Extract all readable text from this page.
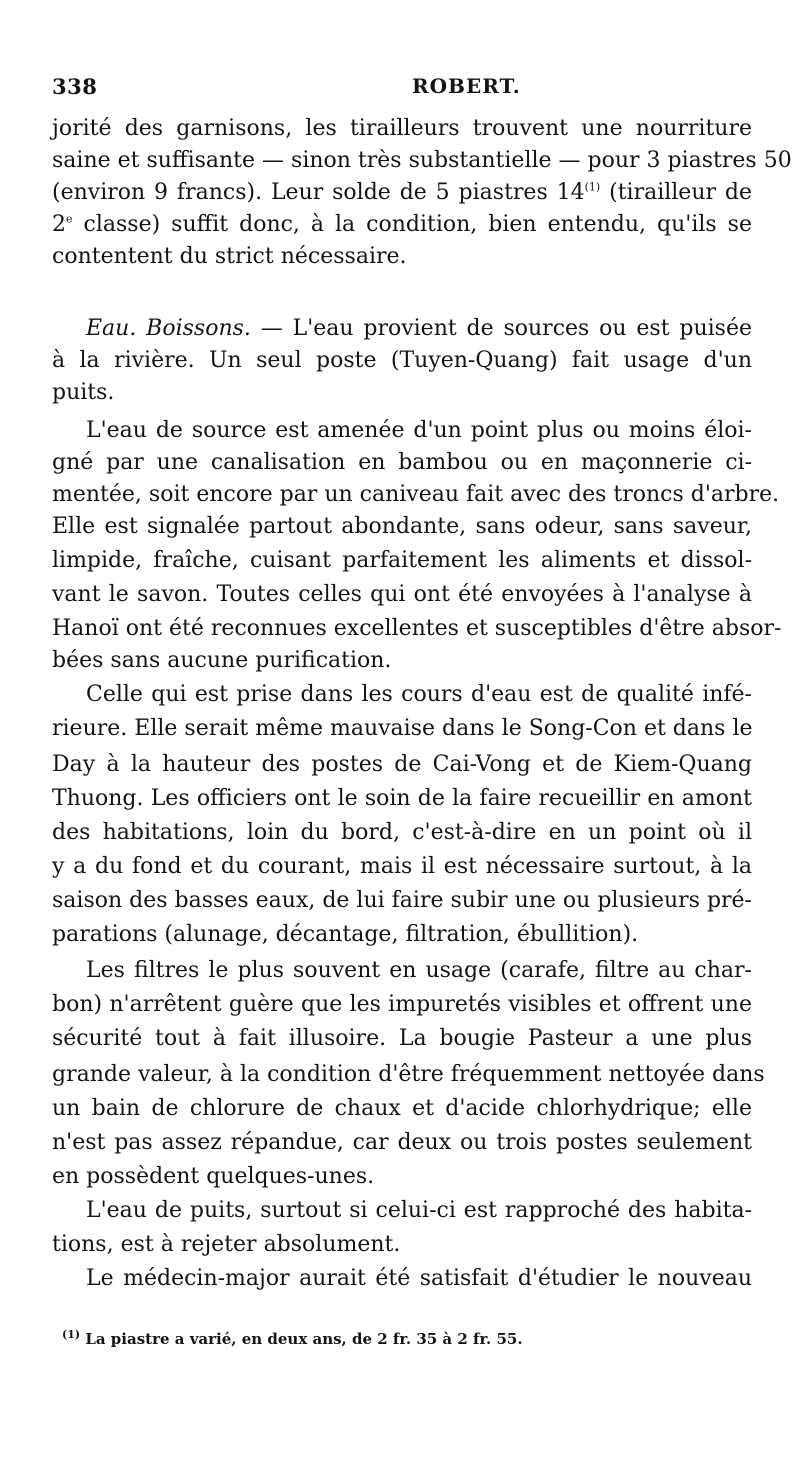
338	ROBERT.
jorité des garnisons, les tirailleurs trouvent une nourriture
saine et suffisante — sinon très substantielle — pour 3 piastres 50
(environ 9 francs). Leur solde de 5 piastres 14$^{(1)}$ (tirailleur de
2e classe) suffit donc, à la condition, bien entendu, qu'ils se
contentent du strict nécessaire.
Eau. Boissons. — L'eau provient de sources ou est puisée
à la rivière. Un seul poste (Tuyen-Quang) fait usage d'un
puits.
L'eau de source est amenée d'un point plus ou moins éloi-
gné par une canalisation en bambou ou en maçonnerie ci-
mentée, soit encore par un caniveau fait avec des troncs d'arbre.
Elle est signalée partout abondante, sans odeur, sans saveur,
limpide, fraîche, cuisant parfaitement les aliments et dissol-
vant le savon. Toutes celles qui ont été envoyées à l'analyse à
Hanoï ont été reconnues excellentes et susceptibles d'être absor-
bées sans aucune purification.
Celle qui est prise dans les cours d'eau est de qualité infé-
rieure. Elle serait même mauvaise dans le Song-Con et dans le
Day à la hauteur des postes de Cai-Vong et de Kiem-Quang
Thuong. Les officiers ont le soin de la faire recueillir en amont
des habitations, loin du bord, c'est-à-dire en un point où il
y a du fond et du courant, mais il est nécessaire surtout, à la
saison des basses eaux, de lui faire subir une ou plusieurs pré-
parations (alunage, décantage, filtration, ébullition).
Les filtres le plus souvent en usage (carafe, filtre au char-
bon) n'arrêtent guère que les impuretés visibles et offrent une
sécurité tout à fait illusoire. La bougie Pasteur a une plus
grande valeur, à la condition d'être fréquemment nettoyée dans
un bain de chlorure de chaux et d'acide chlorhydrique; elle
n'est pas assez répandue, car deux ou trois postes seulement
en possèdent quelques-unes.
L'eau de puits, surtout si celui-ci est rapproché des habita-
tions, est à rejeter absolument.
Le médecin-major aurait été satisfait d'étudier le nouveau
$^{(1)}$ La piastre a varié, en deux ans, de 2 fr. 35 à 2 fr. 55.
